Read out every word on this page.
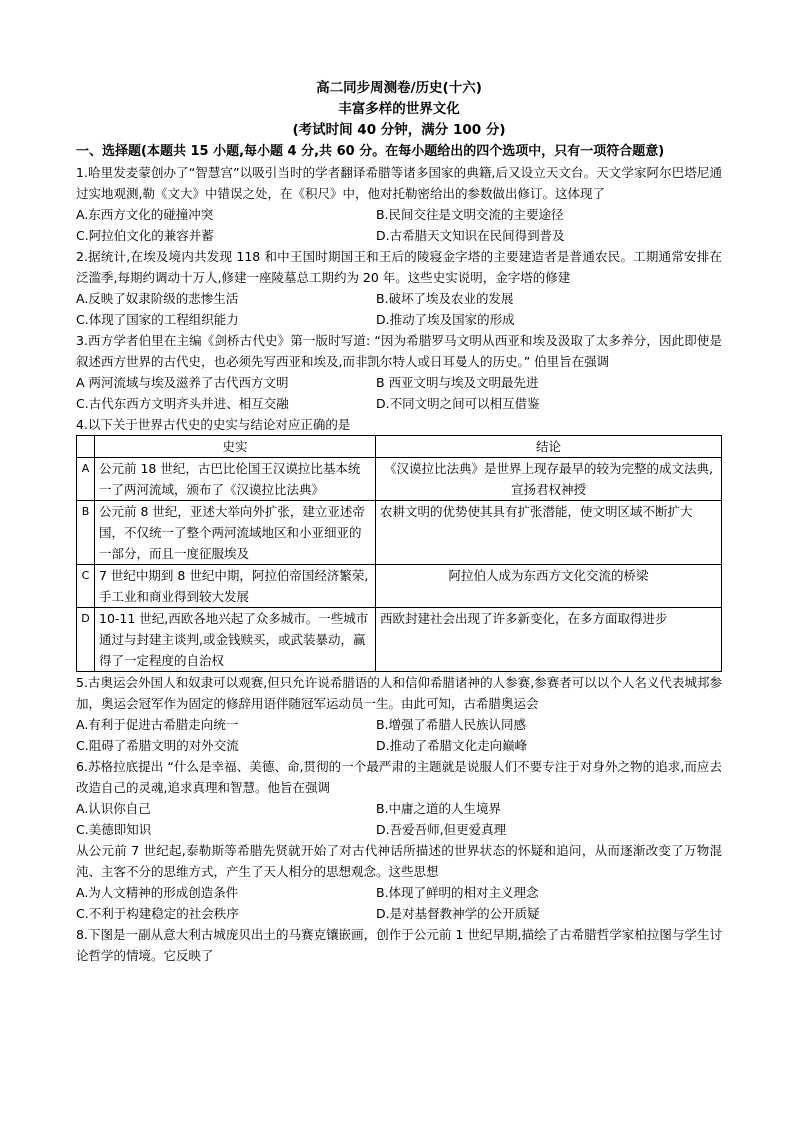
高二同步周测卷/历史(十六)
丰富多样的世界文化
(考试时间 40 分钟，满分 100 分)
一、选择题(本题共 15 小题,每小题 4 分,共 60 分。在每小题给出的四个选项中，只有一项符合题意)
1.哈里发麦蒙创办了“智慧宫”以吸引当时的学者翻译希腊等诸多国家的典籍,后又设立天文台。天文学家阿尔巴塔尼通过实地观测,勒《文大》中错误之处，在《积尺》中，他对托勒密给出的参数做出修订。这体现了
A.东西方文化的碰撞冲突	B.民间交往是文明交流的主要途径
C.阿拉伯文化的兼容并蓄	D.古希腊天文知识在民间得到普及
2.据统计,在埃及境内共发现 118 和中王国时期国王和王后的陵寝金字塔的主要建造者是普通农民。工期通常安排在泛滥季,每期约调动十万人,修建一座陵墓总工期约为 20 年。这些史实说明，金字塔的修建
A.反映了奴隶阶级的悲惨生活	B.破坏了埃及农业的发展
C.体现了国家的工程组织能力	D.推动了埃及国家的形成
3.西方学者伯里在主编《剑桥古代史》第一版时写道: “因为希腊罗马文明从西亚和埃及汲取了太多养分，因此即使是叙述西方世界的古代史，也必须先写西亚和埃及,而非凯尔特人或日耳曼人的历史。” 伯里旨在强调
A 两河流域与埃及滋养了古代西方文明	B 西亚文明与埃及文明最先进
C.古代东西方文明齐头并进、相互交融	D.不同文明之间可以相互借鉴
4.以下关于世界古代史的史实与结论对应正确的是
	史实	结论
A	公元前 18 世纪，古巴比伦国王汉谟拉比基本统一了两河流域，颁布了《汉谟拉比法典》	《汉谟拉比法典》是世界上现存最早的较为完整的成文法典,宣扬君权神授
B	公元前 8 世纪，亚述大举向外扩张，建立亚述帝国，不仅统一了整个两河流域地区和小亚细亚的一部分，而且一度征服埃及	农耕文明的优势使其具有扩张潜能，使文明区域不断扩大
C	7 世纪中期到 8 世纪中期，阿拉伯帝国经济繁荣,手工业和商业得到较大发展	阿拉伯人成为东西方文化交流的桥梁
D	10-11 世纪,西欧各地兴起了众多城市。一些城市通过与封建主谈判,或金钱赎买，或武装暴动，赢得了一定程度的自治权	西欧封建社会出现了许多新变化，在多方面取得进步
5.古奥运会外国人和奴隶可以观赛,但只允许说希腊语的人和信仰希腊诸神的人参赛,参赛者可以以个人名义代表城邦参加，奥运会冠军作为固定的修辞用语伴随冠军运动员一生。由此可知，古希腊奥运会
A.有利于促进古希腊走向统一	B.增强了希腊人民族认同感
C.阻碍了希腊文明的对外交流	D.推动了希腊文化走向巅峰
6.苏格拉底提出 “什么是幸福、美德、命,贯彻的一个最严肃的主题就是说服人们不要专注于对身外之物的追求,而应去改造自己的灵魂,追求真理和智慧。他旨在强调
A.认识你自己	B.中庸之道的人生境界
C.美德即知识	D.吾爱吾师,但更爱真理
从公元前 7 世纪起,泰勒斯等希腊先贤就开始了对古代神话所描述的世界状态的怀疑和追问，从而逐渐改变了万物混沌、主客不分的思维方式，产生了天人相分的思想观念。这些思想
A.为人文精神的形成创造条件	B.体现了鲜明的相对主义理念
C.不利于构建稳定的社会秩序	D.是对基督教神学的公开质疑
8.下图是一副从意大利古城庞贝出土的马赛克镶嵌画，创作于公元前 1 世纪早期,描绘了古希腊哲学家柏拉图与学生讨论哲学的情境。它反映了
